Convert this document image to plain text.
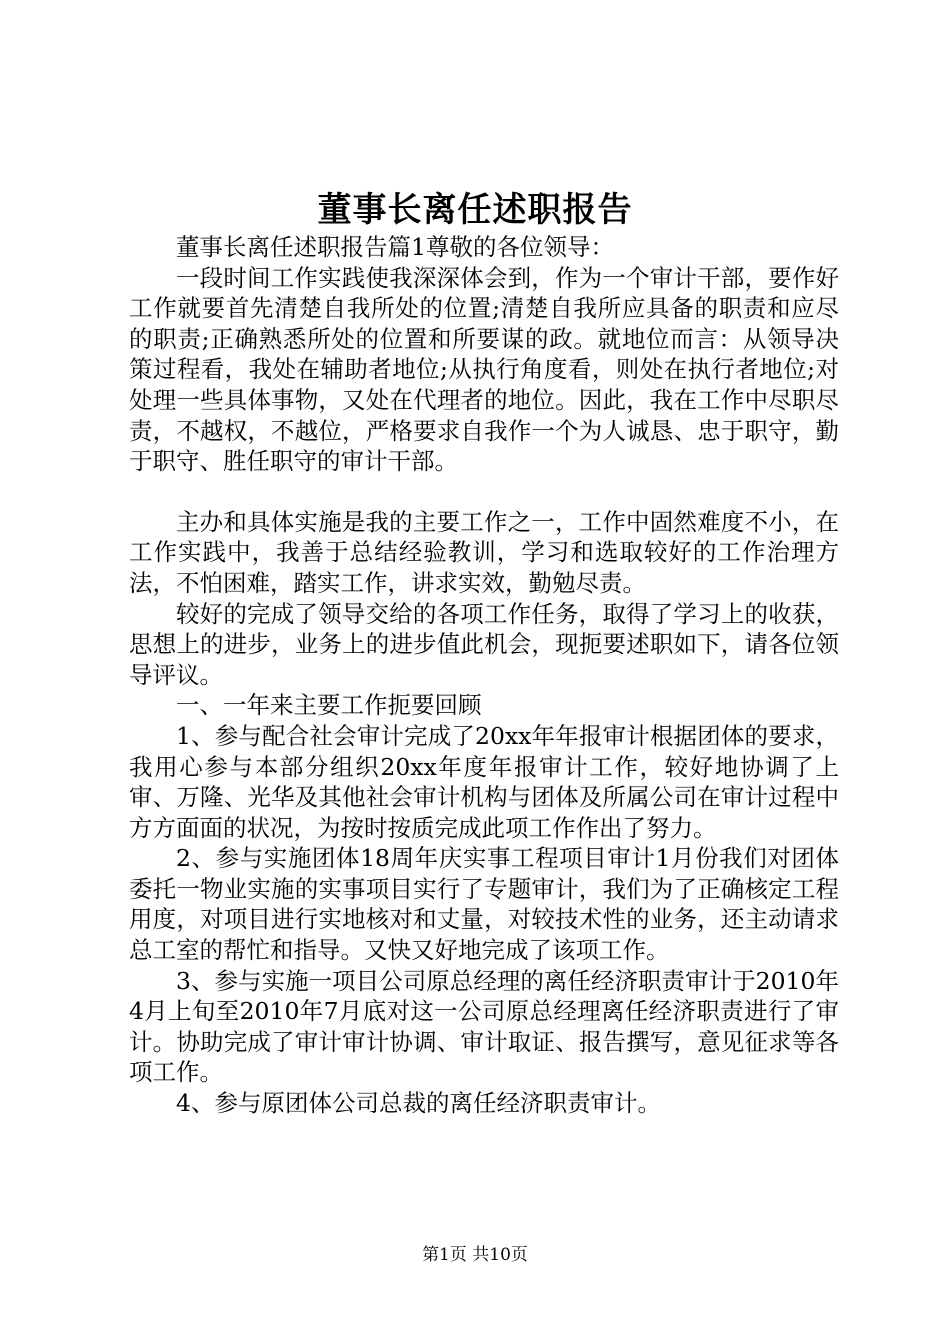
董事长离任述职报告

董事长离任述职报告篇1尊敬的各位领导：

一段时间工作实践使我深深体会到，作为一个审计干部，要作好工作就要首先清楚自我所处的位置;清楚自我所应具备的职责和应尽的职责;正确熟悉所处的位置和所要谋的政。就地位而言：从领导决策过程看，我处在辅助者地位;从执行角度看，则处在执行者地位;对处理一些具体事物，又处在代理者的地位。因此，我在工作中尽职尽责，不越权，不越位，严格要求自我作一个为人诚恳、忠于职守，勤于职守、胜任职守的审计干部。

主办和具体实施是我的主要工作之一，工作中固然难度不小，在工作实践中，我善于总结经验教训，学习和选取较好的工作治理方法，不怕困难，踏实工作，讲求实效，勤勉尽责。

较好的完成了领导交给的各项工作任务，取得了学习上的收获，思想上的进步，业务上的进步值此机会，现扼要述职如下，请各位领导评议。

一、一年来主要工作扼要回顾

1、参与配合社会审计完成了20xx年年报审计根据团体的要求，我用心参与本部分组织20xx年度年报审计工作，较好地协调了上审、万隆、光华及其他社会审计机构与团体及所属公司在审计过程中方方面面的状况，为按时按质完成此项工作作出了努力。

2、参与实施团体18周年庆实事工程项目审计1月份我们对团体委托一物业实施的实事项目实行了专题审计，我们为了正确核定工程用度，对项目进行实地核对和丈量，对较技术性的业务，还主动请求总工室的帮忙和指导。又快又好地完成了该项工作。

3、参与实施一项目公司原总经理的离任经济职责审计于2010年4月上旬至2010年7月底对这一公司原总经理离任经济职责进行了审计。协助完成了审计审计协调、审计取证、报告撰写，意见征求等各项工作。

4、参与原团体公司总裁的离任经济职责审计。

第1页 共10页
